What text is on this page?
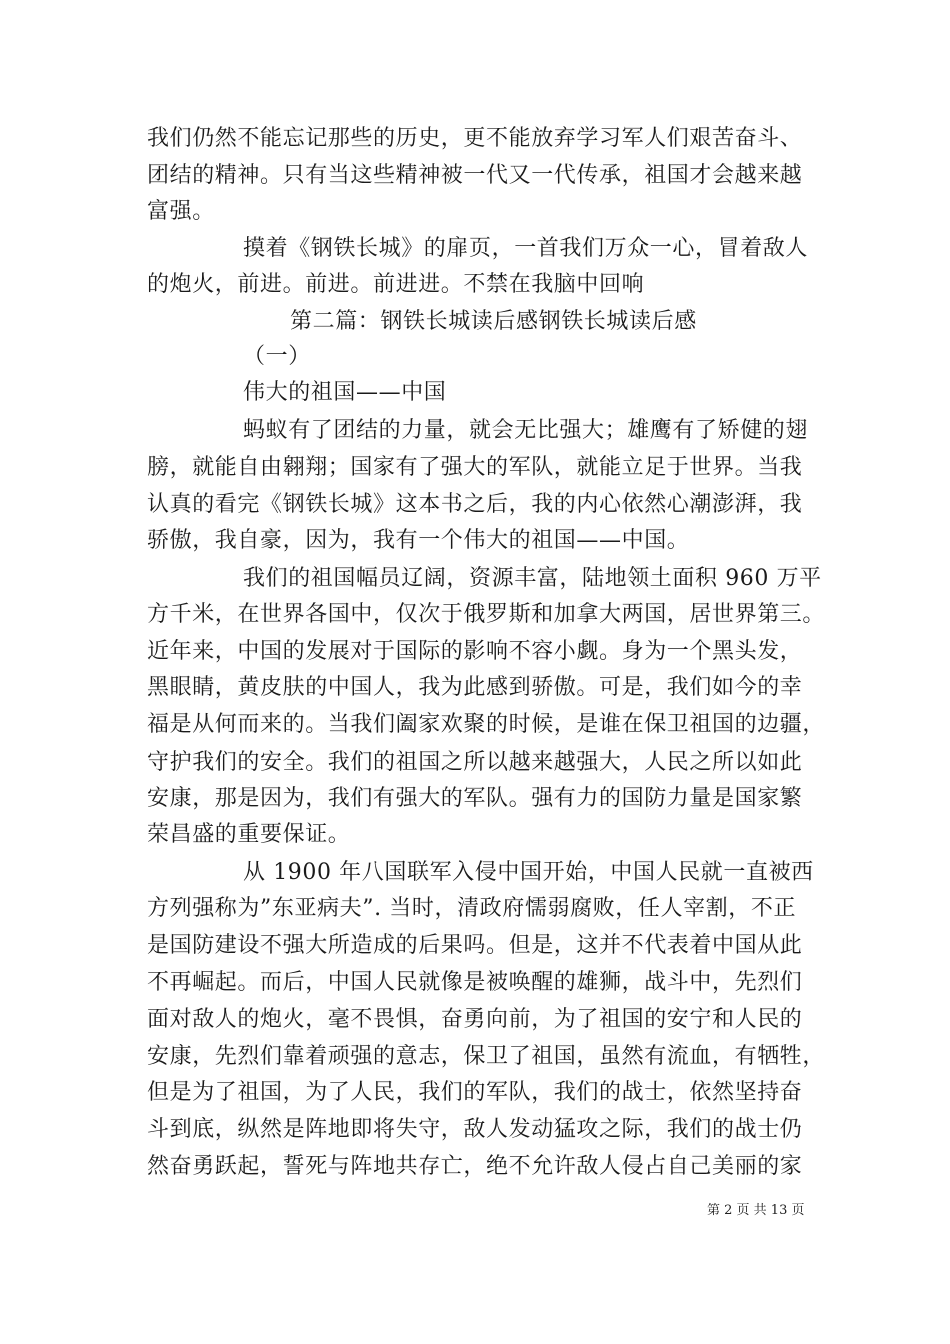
我们仍然不能忘记那些的历史，更不能放弃学习军人们艰苦奋斗、
团结的精神。只有当这些精神被一代又一代传承，祖国才会越来越
富强。
摸着《钢铁长城》的扉页，一首我们万众一心，冒着敌人
的炮火，前进。前进。前进进。不禁在我脑中回响
第二篇：钢铁长城读后感钢铁长城读后感
（一）
伟大的祖国——中国
蚂蚁有了团结的力量，就会无比强大；雄鹰有了矫健的翅
膀，就能自由翱翔；国家有了强大的军队，就能立足于世界。当我
认真的看完《钢铁长城》这本书之后，我的内心依然心潮澎湃，我
骄傲，我自豪，因为，我有一个伟大的祖国——中国。
我们的祖国幅员辽阔，资源丰富，陆地领土面积 960 万平
方千米，在世界各国中，仅次于俄罗斯和加拿大两国，居世界第三。
近年来，中国的发展对于国际的影响不容小觑。身为一个黑头发，
黑眼睛，黄皮肤的中国人，我为此感到骄傲。可是，我们如今的幸
福是从何而来的。当我们阖家欢聚的时候，是谁在保卫祖国的边疆，
守护我们的安全。我们的祖国之所以越来越强大，人民之所以如此
安康，那是因为，我们有强大的军队。强有力的国防力量是国家繁
荣昌盛的重要保证。
从 1900 年八国联军入侵中国开始，中国人民就一直被西
方列强称为”东亚病夫”. 当时，清政府懦弱腐败，任人宰割，不正
是国防建设不强大所造成的后果吗。但是，这并不代表着中国从此
不再崛起。而后，中国人民就像是被唤醒的雄狮，战斗中，先烈们
面对敌人的炮火，毫不畏惧，奋勇向前，为了祖国的安宁和人民的
安康，先烈们靠着顽强的意志，保卫了祖国，虽然有流血，有牺牲，
但是为了祖国，为了人民，我们的军队，我们的战士，依然坚持奋
斗到底，纵然是阵地即将失守，敌人发动猛攻之际，我们的战士仍
然奋勇跃起，誓死与阵地共存亡，绝不允许敌人侵占自己美丽的家
第 2 页 共 13 页
